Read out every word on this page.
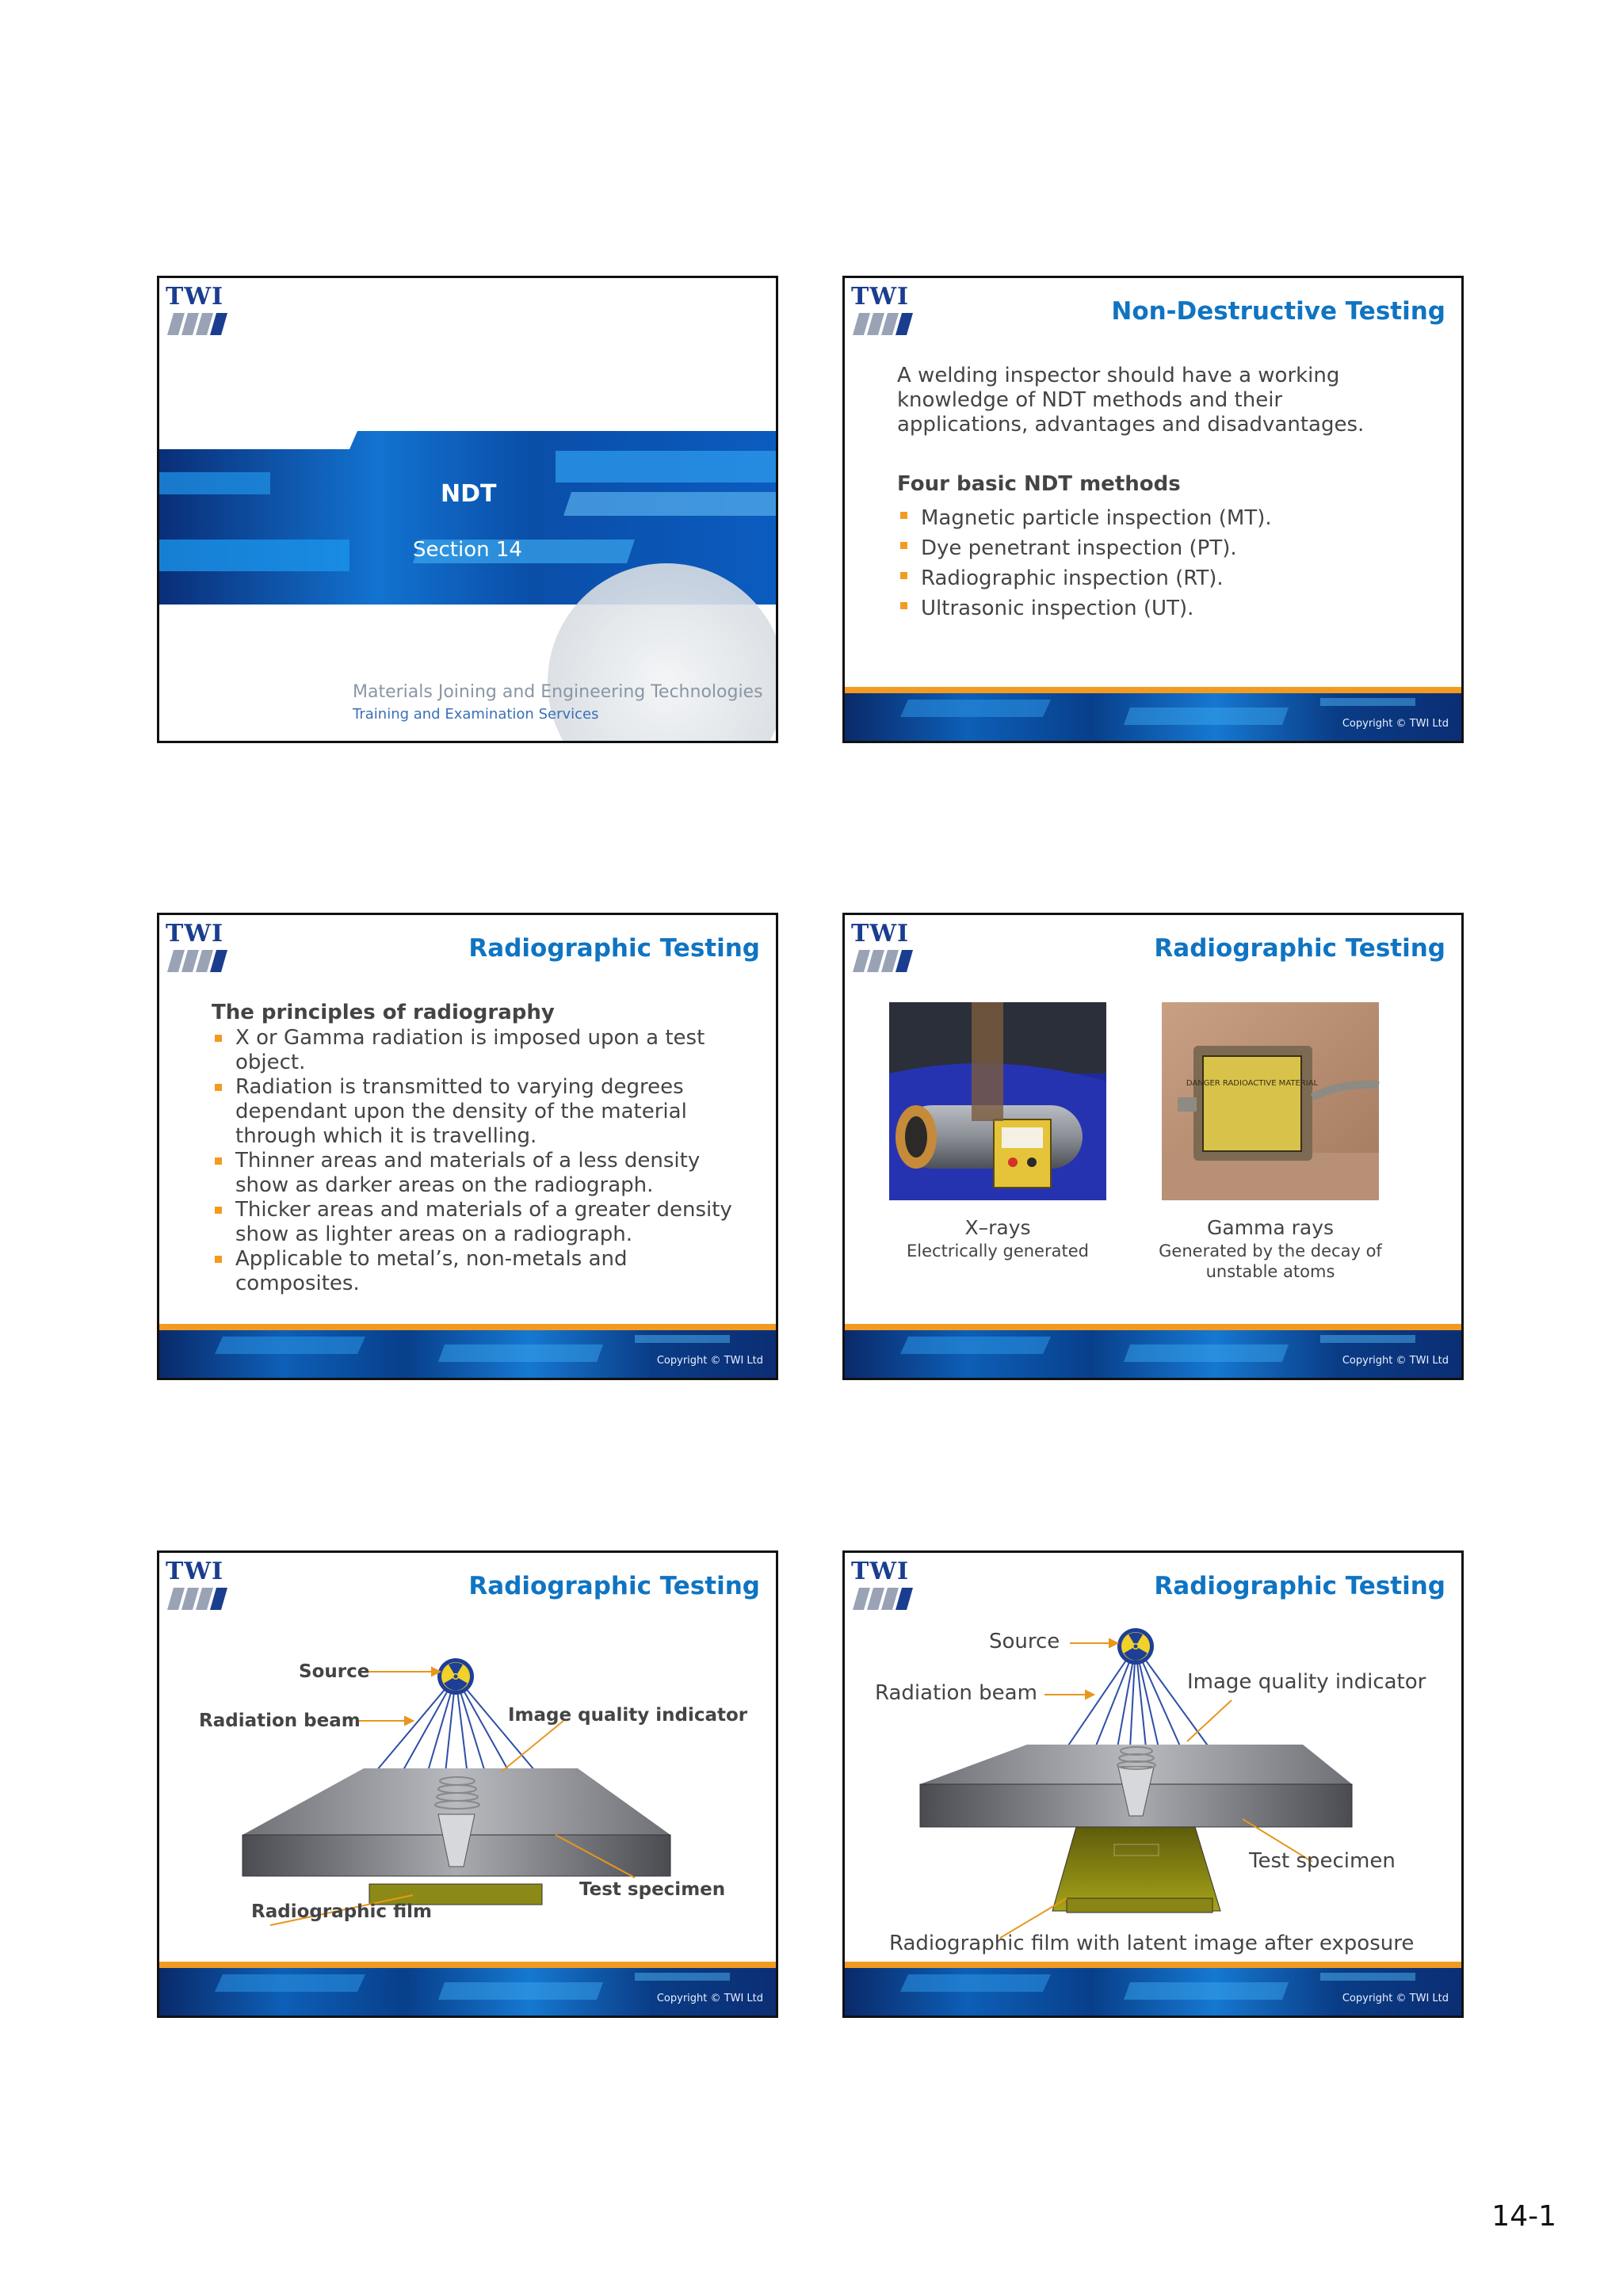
TWI
NDT
Section 14
Materials Joining and Engineering Technologies
Training and Examination Services
TWI
Non-Destructive Testing
A welding inspector should have a working knowledge of NDT methods and their applications, advantages and disadvantages.
Four basic NDT methods
Magnetic particle inspection (MT).
Dye penetrant inspection (PT).
Radiographic inspection (RT).
Ultrasonic inspection (UT).
Copyright © TWI Ltd
TWI
Radiographic Testing
The principles of radiography
X or Gamma radiation is imposed upon a test object.
Radiation is transmitted to varying degrees dependant upon the density of the material through which it is travelling.
Thinner areas and materials of a less density show as darker areas on the radiograph.
Thicker areas and materials of a greater density show as lighter areas on a radiograph.
Applicable to metal’s, non-metals and composites.
Copyright © TWI Ltd
TWI
Radiographic Testing
DANGER RADIOACTIVE MATERIAL
X–rays
Electrically generated
Gamma rays
Generated by the decay of
unstable atoms
Copyright © TWI Ltd
TWI
Radiographic Testing
Source
Radiation beam	Image quality indicator
Test specimen
Radiographic film
Copyright © TWI Ltd
TWI
Radiographic Testing
Source
Radiation beam	Image quality indicator
Test specimen
Radiographic film with latent image after exposure
Copyright © TWI Ltd
14-1
